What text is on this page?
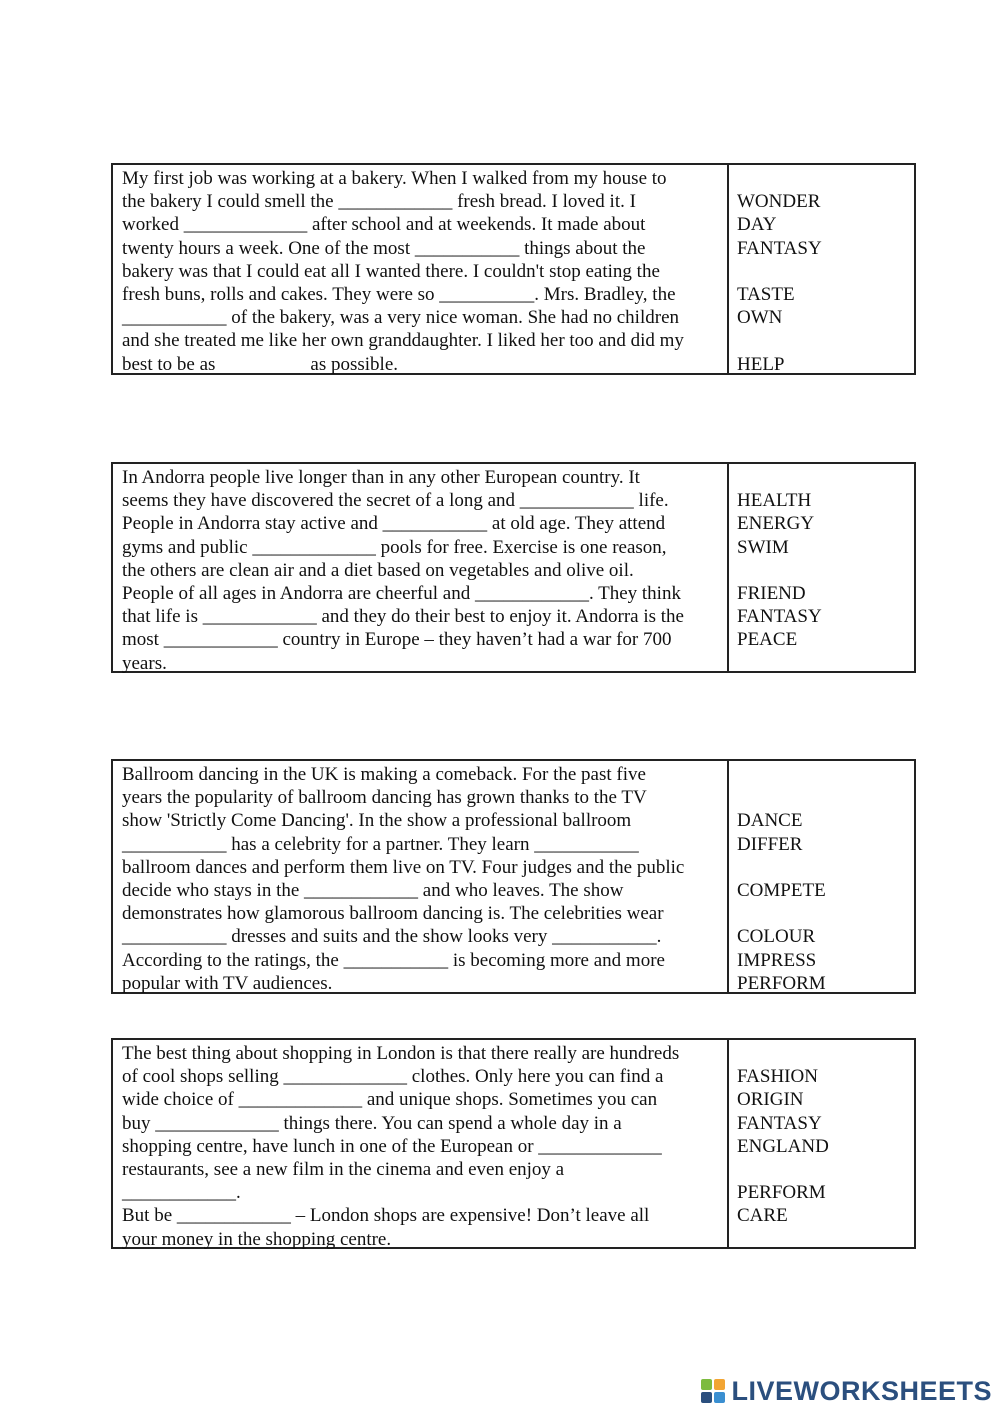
My first job was working at a bakery. When I walked from my house to
the bakery I could smell the ____________ fresh bread. I loved it. I
worked _____________ after school and at weekends. It made about
twenty hours a week. One of the most ___________ things about the
bakery was that I could eat all I wanted there. I couldn't stop eating the
fresh buns, rolls and cakes. They were so __________. Mrs. Bradley, the
___________ of the bakery, was a very nice woman. She had no children
and she treated me like her own granddaughter. I liked her too and did my
best to be as                    as possible.
WONDER
DAY
FANTASY
TASTE
OWN
HELP
In Andorra people live longer than in any other European country. It
seems they have discovered the secret of a long and ____________ life.
People in Andorra stay active and ___________ at old age. They attend
gyms and public _____________ pools for free. Exercise is one reason,
the others are clean air and a diet based on vegetables and olive oil.
People of all ages in Andorra are cheerful and ____________. They think
that life is ____________ and they do their best to enjoy it. Andorra is the
most ____________ country in Europe – they haven’t had a war for 700
years.
HEALTH
ENERGY
SWIM
FRIEND
FANTASY
PEACE
Ballroom dancing in the UK is making a comeback. For the past five
years the popularity of ballroom dancing has grown thanks to the TV
show 'Strictly Come Dancing'. In the show a professional ballroom
___________ has a celebrity for a partner. They learn ___________
ballroom dances and perform them live on TV. Four judges and the public
decide who stays in the ____________ and who leaves. The show
demonstrates how glamorous ballroom dancing is. The celebrities wear
___________ dresses and suits and the show looks very ___________.
According to the ratings, the ___________ is becoming more and more
popular with TV audiences.
DANCE
DIFFER
COMPETE
COLOUR
IMPRESS
PERFORM
The best thing about shopping in London is that there really are hundreds
of cool shops selling _____________ clothes. Only here you can find a
wide choice of _____________ and unique shops. Sometimes you can
buy _____________ things there. You can spend a whole day in a
shopping centre, have lunch in one of the European or _____________
restaurants, see a new film in the cinema and even enjoy a
____________.
But be ____________ – London shops are expensive! Don’t leave all
your money in the shopping centre.
FASHION
ORIGIN
FANTASY
ENGLAND
PERFORM
CARE
LIVEWORKSHEETS
